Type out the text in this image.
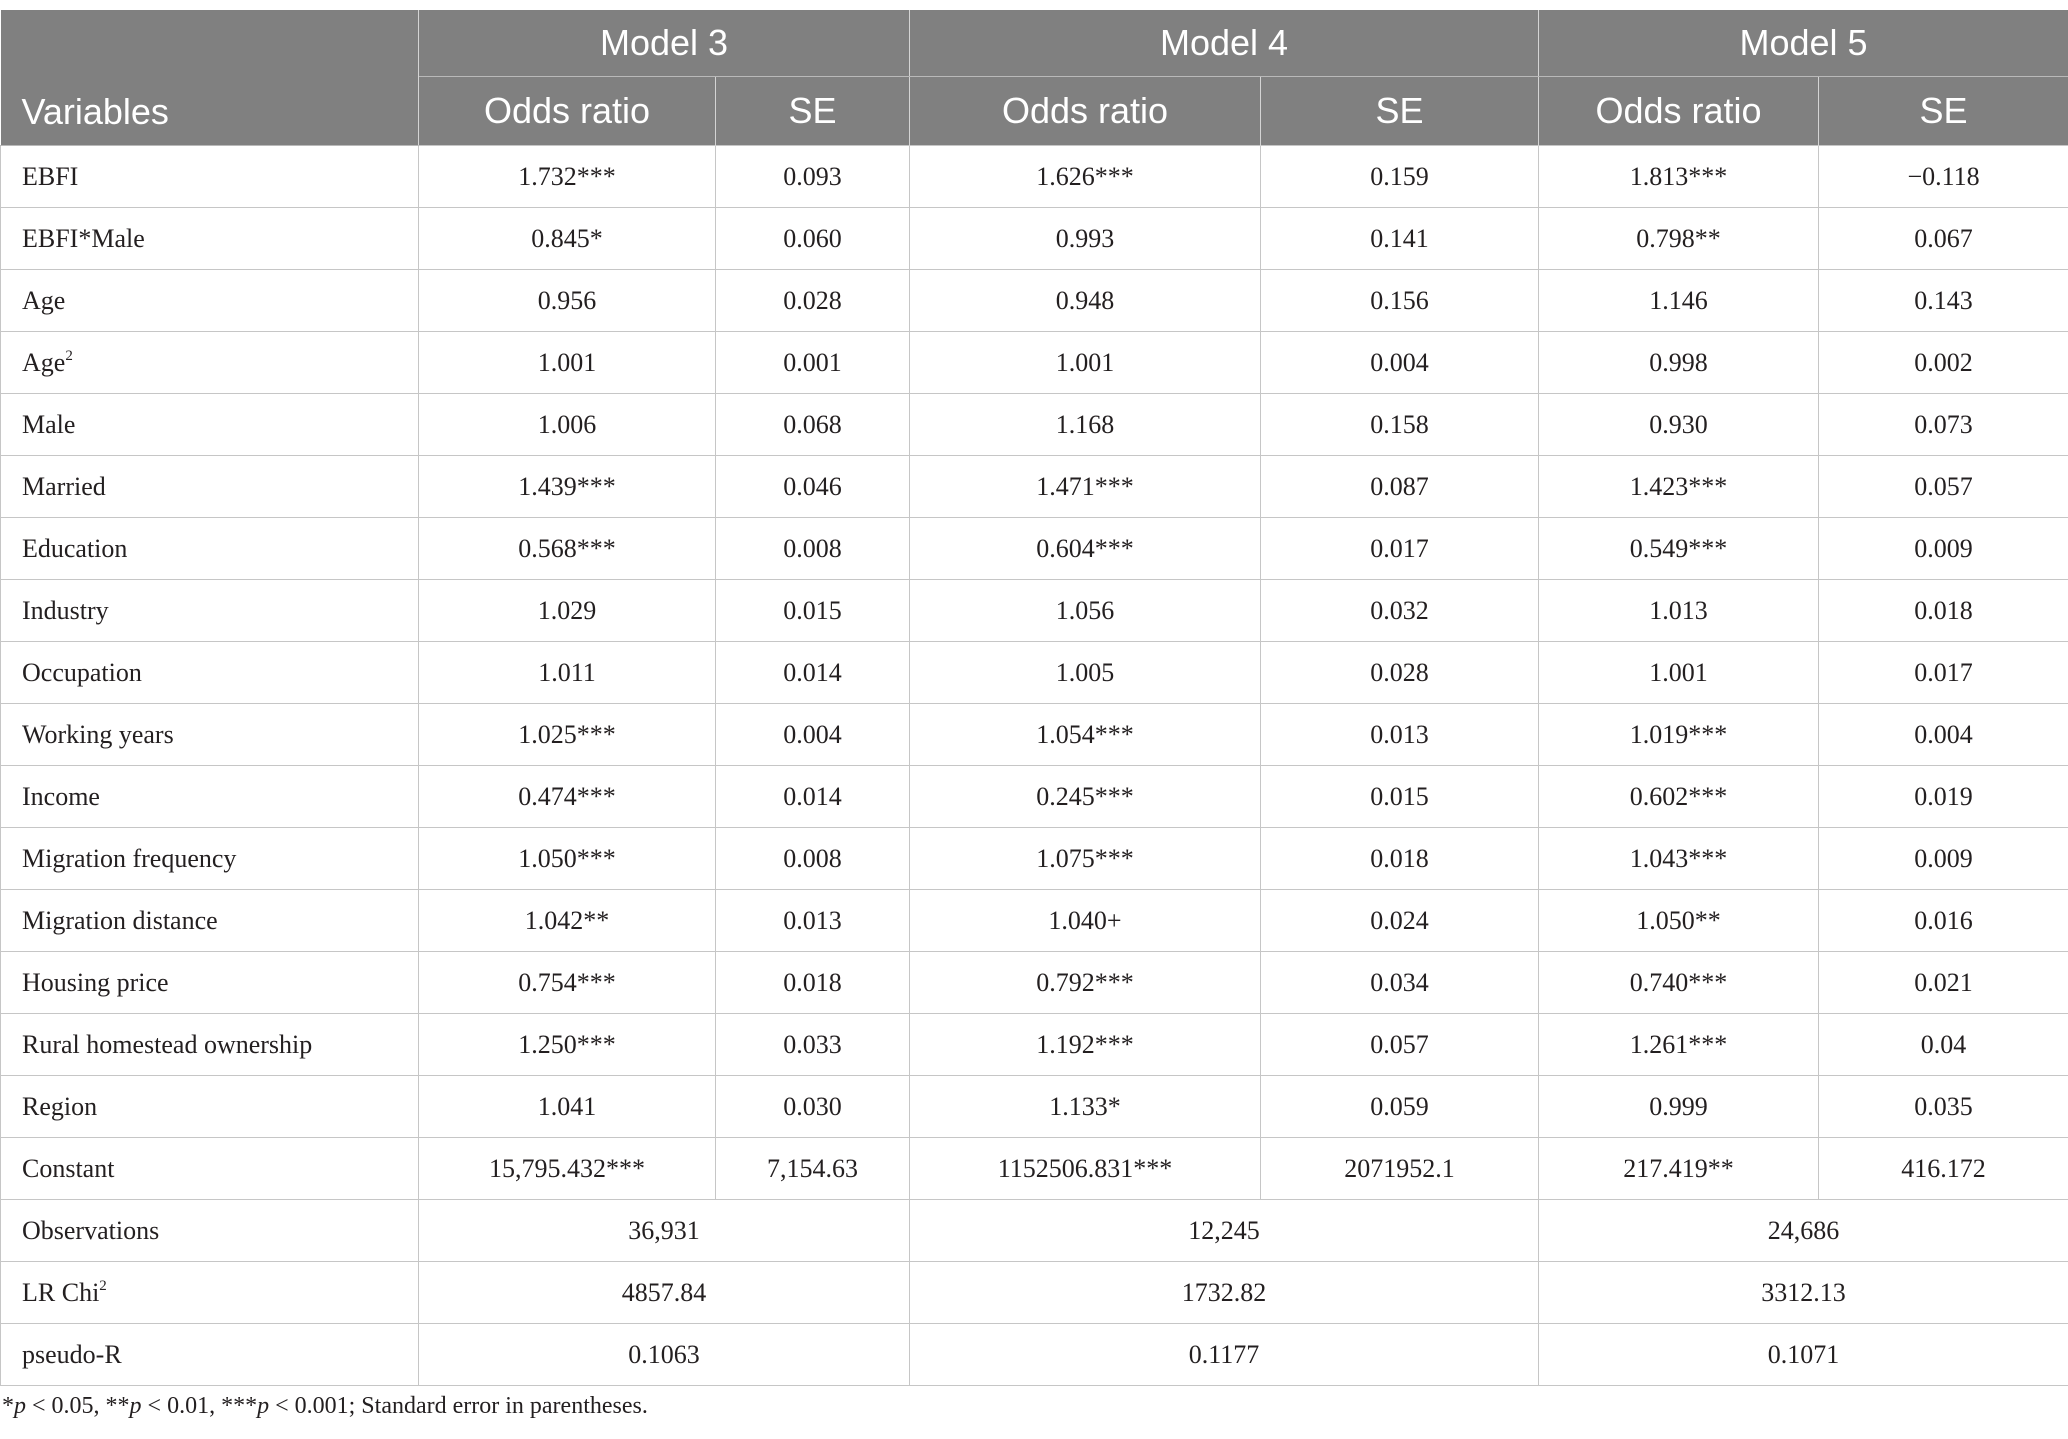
Variables	Model 3		Model 4		Model 5	
	Odds ratio	SE	Odds ratio	SE	Odds ratio	SE
EBFI	1.732***	0.093	1.626***	0.159	1.813***	−0.118
EBFI*Male	0.845*	0.060	0.993	0.141	0.798**	0.067
Age	0.956	0.028	0.948	0.156	1.146	0.143
Age$^2$	1.001	0.001	1.001	0.004	0.998	0.002
Male	1.006	0.068	1.168	0.158	0.930	0.073
Married	1.439***	0.046	1.471***	0.087	1.423***	0.057
Education	0.568***	0.008	0.604***	0.017	0.549***	0.009
Industry	1.029	0.015	1.056	0.032	1.013	0.018
Occupation	1.011	0.014	1.005	0.028	1.001	0.017
Working years	1.025***	0.004	1.054***	0.013	1.019***	0.004
Income	0.474***	0.014	0.245***	0.015	0.602***	0.019
Migration frequency	1.050***	0.008	1.075***	0.018	1.043***	0.009
Migration distance	1.042**	0.013	1.040+	0.024	1.050**	0.016
Housing price	0.754***	0.018	0.792***	0.034	0.740***	0.021
Rural homestead ownership	1.250***	0.033	1.192***	0.057	1.261***	0.04
Region	1.041	0.030	1.133*	0.059	0.999	0.035
Constant	15,795.432***	7,154.63	1152506.831***	2071952.1	217.419**	416.172
Observations	36,931		12,245		24,686	
LR Chi$^2$	4857.84		1732.82		3312.13	
pseudo-R	0.1063		0.1177		0.1071	
*p < 0.05, **p < 0.01, ***p < 0.001; Standard error in parentheses.
